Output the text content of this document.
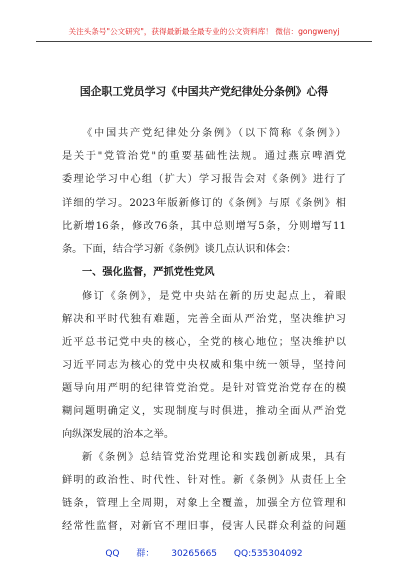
关注头条号"公文研究"，获得最新最全最专业的公文资料库！ 微信：gongwenyj
国企职工党员学习《中国共产党纪律处分条例》心得
《中国共产党纪律处分条例》（以下简称《条例》）
是关于"党管治党"的重要基础性法规。通过燕京啤酒党
委理论学习中心组（扩大）学习报告会对《条例》进行了
详细的学习。2023年版新修订的《条例》与原《条例》相
比新增16条，修改76条，其中总则增写5条，分则增写11
条。下面，结合学习新《条例》谈几点认识和体会：
一、强化监督，严抓党性党风
修订《条例》，是党中央站在新的历史起点上，着眼
解决和平时代独有难题，完善全面从严治党，坚决维护习
近平总书记党中央的核心，全党的核心地位；坚决维护以
习近平同志为核心的党中央权威和集中统一领导，坚持问
题导向用严明的纪律管党治党。是针对管党治党存在的模
糊问题明确定义，实现制度与时俱进，推动全面从严治党
向纵深发展的治本之举。
新《条例》总结管党治党理论和实践创新成果，具有
鲜明的政治性、时代性、针对性。新《条例》从责任上全
链条，管理上全周期，对象上全覆盖，加强全方位管理和
经常性监督，对新官不理旧事，侵害人民群众利益的问题
QQ 群： 30265665 QQ:535304092
